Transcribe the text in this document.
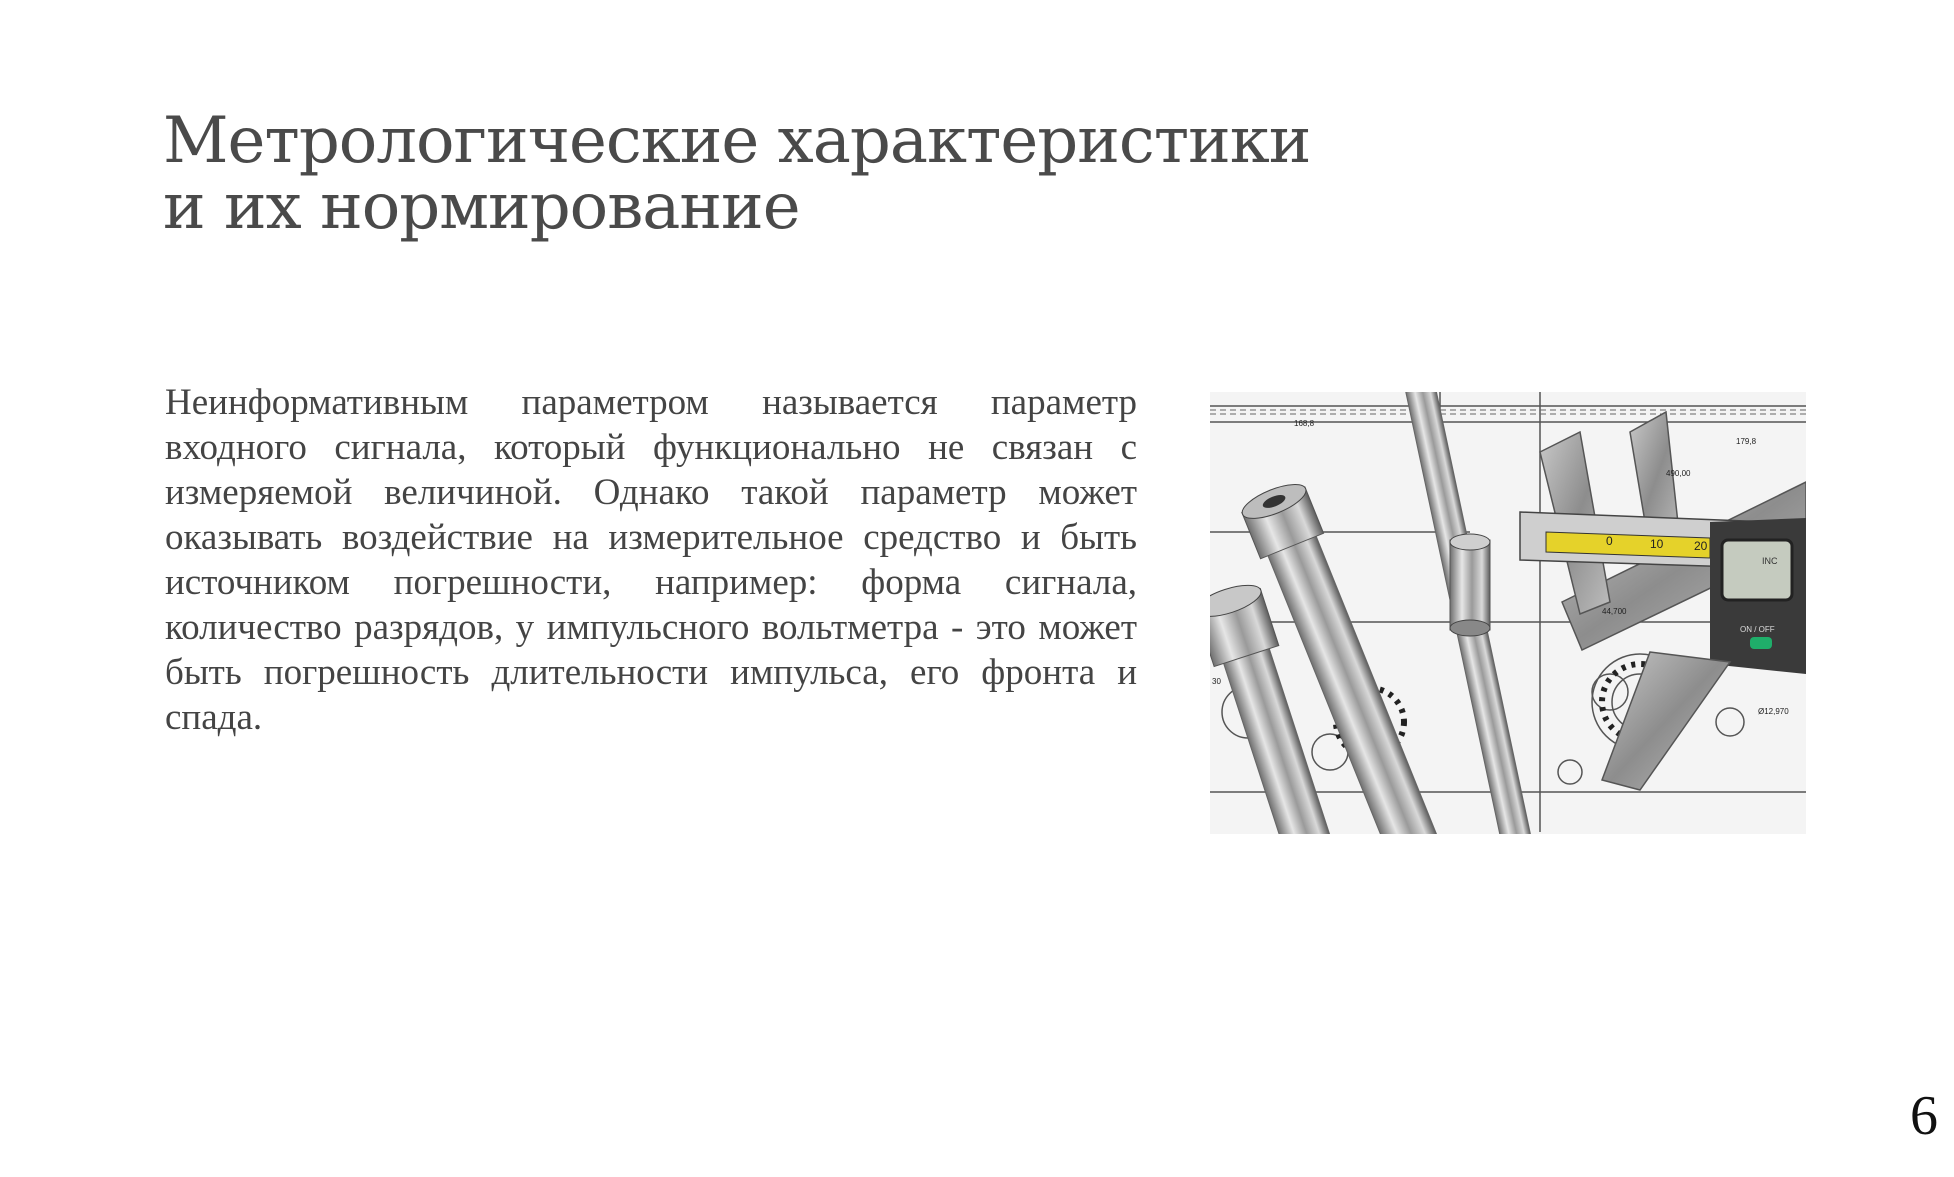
Метрологические характеристики
и их нормирование

Неинформативным параметром называется параметр входного сигнала, который функционально не связан с измеряемой величиной. Однако такой параметр может оказывать воздействие на измерительное средство и быть источником погрешности, например: форма сигнала, количество разрядов, у импульсного вольтметра - это может быть погрешность длительности импульса, его фронта и спада.

0	10	20
INC
ON / OFF
168,8
179,8
490,00
44,700
Ø12,970
30
6
